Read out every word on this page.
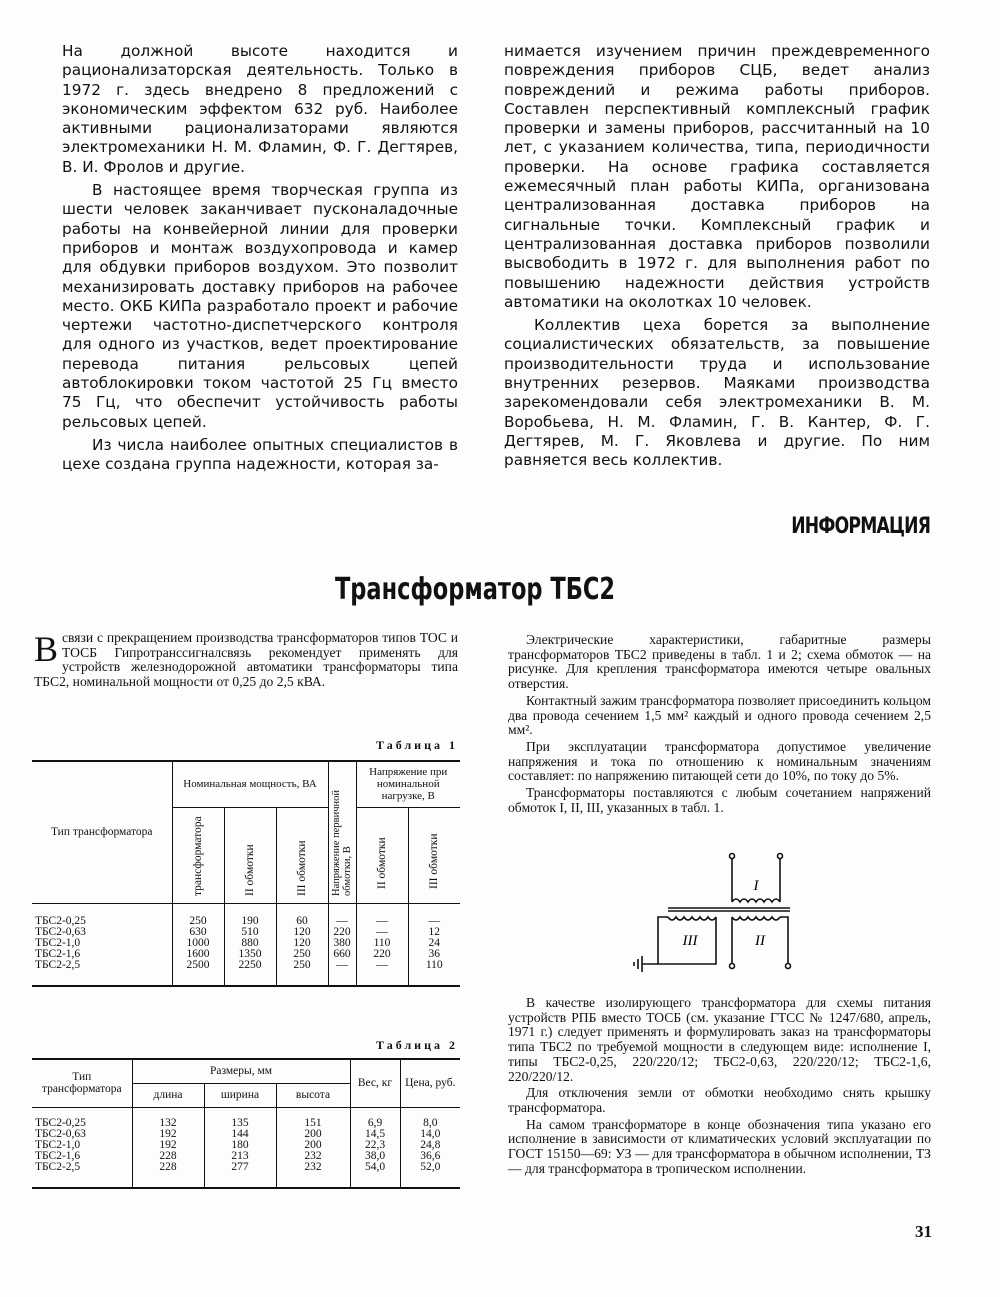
На должной высоте находится и рационализаторская деятельность. Только в 1972 г. здесь внедрено 8 предложений с экономическим эффектом 632 руб. Наиболее активными рационализаторами являются электромеханики Н. М. Фламин, Ф. Г. Дегтярев, В. И. Фролов и другие.

В настоящее время творческая группа из шести человек заканчивает пусконаладочные работы на конвейерной линии для проверки приборов и монтаж воздухопровода и камер для обдувки приборов воздухом. Это позволит механизировать доставку приборов на рабочее место. ОКБ КИПа разработало проект и рабочие чертежи частотно-диспетчерского контроля для одного из участков, ведет проектирование перевода питания рельсовых цепей автоблокировки током частотой 25 Гц вместо 75 Гц, что обеспечит устойчивость работы рельсовых цепей.

Из числа наиболее опытных специалистов в цехе создана группа надежности, которая за-

нимается изучением причин преждевременного повреждения приборов СЦБ, ведет анализ повреждений и режима работы приборов. Составлен перспективный комплексный график проверки и замены приборов, рассчитанный на 10 лет, с указанием количества, типа, периодичности проверки. На основе графика составляется ежемесячный план работы КИПа, организована централизованная доставка приборов на сигнальные точки. Комплексный график и централизованная доставка приборов позволили высвободить в 1972 г. для выполнения работ по повышению надежности действия устройств автоматики на околотках 10 человек.

Коллектив цеха борется за выполнение социалистических обязательств, за повышение производительности труда и использование внутренних резервов. Маяками производства зарекомендовали себя электромеханики В. М. Воробьева, Н. М. Фламин, Г. В. Кантер, Ф. Г. Дегтярев, М. Г. Яковлева и другие. По ним равняется весь коллектив.

ИНФОРМАЦИЯ
Трансформатор ТБС2
Всвязи с прекращением производства трансформаторов типов ТОС и ТОСБ Гипротранссигналсвязь рекомендует применять для устройств железнодорожной автоматики трансформаторы типа ТБС2, номинальной мощности от 0,25 до 2,5 кВА.
Таблица 1
Тип трансформатора	Номинальная мощность, ВА			Напряжение первичной обмотки, В	Напряжение при номинальной нагрузке, В	
	трансформатора	II обмотки	III обмотки		II обмотки	III обмотки
ТБС2-0,25	250	190	60	—	—	—
ТБС2-0,63	630	510	120	220	—	12
ТБС2-1,0	1000	880	120	380	110	24
ТБС2-1,6	1600	1350	250	660	220	36
ТБС2-2,5	2500	2250	250	—	—	110
Таблица 2
Тип трансформатора	Размеры, мм			Вес, кг	Цена, руб.
	длина	ширина	высота		
ТБС2-0,25	132	135	151	6,9	8,0
ТБС2-0,63	192	144	200	14,5	14,0
ТБС2-1,0	192	180	200	22,3	24,8
ТБС2-1,6	228	213	232	38,0	36,6
ТБС2-2,5	228	277	232	54,0	52,0

Электрические характеристики, габаритные размеры трансформаторов ТБС2 приведены в табл. 1 и 2; схема обмоток — на рисунке. Для крепления трансформатора имеются четыре овальных отверстия.

Контактный зажим трансформатора позволяет присоединить кольцом два провода сечением 1,5 мм² каждый и одного провода сечением 2,5 мм².

При эксплуатации трансформатора допустимое увеличение напряжения и тока по отношению к номинальным значениям составляет: по напряжению питающей сети до 10%, по току до 5%.

Трансформаторы поставляются с любым сочетанием напряжений обмоток I, II, III, указанных в табл. 1.

I
III	II

В качестве изолирующего трансформатора для схемы питания устройств РПБ вместо ТОСБ (см. указание ГТСС № 1247/680, апрель, 1971 г.) следует применять и формулировать заказ на трансформаторы типа ТБС2 по требуемой мощности в следующем виде: исполнение I, типы ТБС2-0,25, 220/220/12; ТБС2-0,63, 220/220/12; ТБС2-1,6, 220/220/12.

Для отключения земли от обмотки необходимо снять крышку трансформатора.

На самом трансформаторе в конце обозначения типа указано его исполнение в зависимости от климатических условий эксплуатации по ГОСТ 15150—69: УЗ — для трансформатора в обычном исполнении, ТЗ — для трансформатора в тропическом исполнении.

31
